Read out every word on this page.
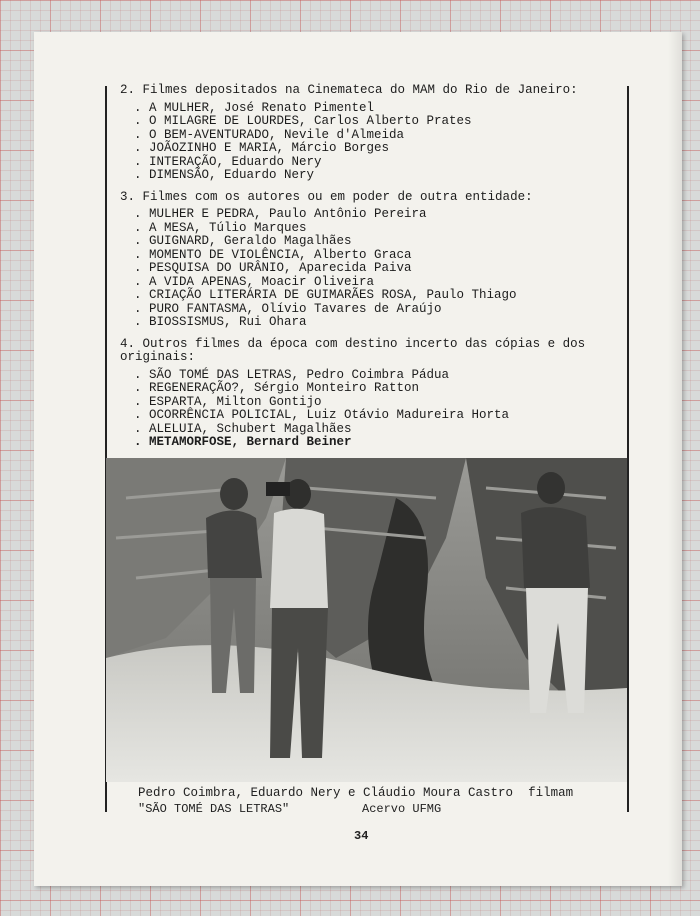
2. Filmes depositados na Cinemateca do MAM do Rio de Janeiro:

. A MULHER, José Renato Pimentel
. O MILAGRE DE LOURDES, Carlos Alberto Prates
. O BEM-AVENTURADO, Nevile d'Almeida
. JOÃOZINHO E MARIA, Márcio Borges
. INTERAÇÃO, Eduardo Nery
. DIMENSÃO, Eduardo Nery

3. Filmes com os autores ou em poder de outra entidade:

. MULHER E PEDRA, Paulo Antônio Pereira
. A MESA, Túlio Marques
. GUIGNARD, Geraldo Magalhães
. MOMENTO DE VIOLÊNCIA, Alberto Graca
. PESQUISA DO URÂNIO, Aparecida Paiva
. A VIDA APENAS, Moacir Oliveira
. CRIAÇÃO LITERÁRIA DE GUIMARÃES ROSA, Paulo Thiago
. PURO FANTASMA, Olívio Tavares de Araújo
. BIOSSISMUS, Rui Ohara

4. Outros filmes da época com destino incerto das cópias e dos originais:

. SÃO TOMÉ DAS LETRAS, Pedro Coimbra Pádua
. REGENERAÇÃO?, Sérgio Monteiro Ratton
. ESPARTA, Milton Gontijo
. OCORRÊNCIA POLICIAL, Luiz Otávio Madureira Horta
. ALELUIA, Schubert Magalhães
. METAMORFOSE, Bernard Beiner
Pedro Coimbra, Eduardo Nery e Cláudio Moura Castro  filmam
"SÃO TOMÉ DAS LETRAS"	Acervo UFMG
34
